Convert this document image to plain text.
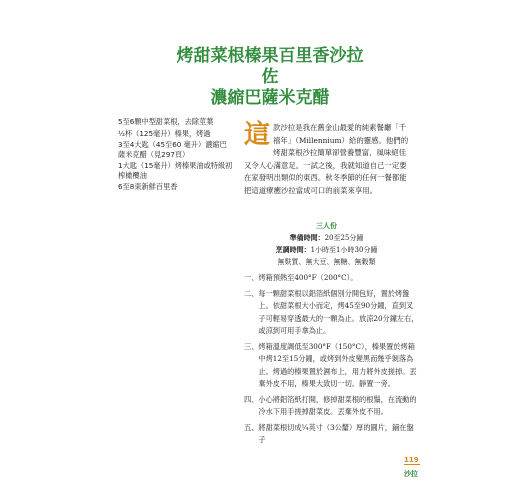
烤甜菜根榛果百里香沙拉
佐
濃縮巴薩米克醋
5至6顆中型甜菜根，去除莖葉
½杯（125毫升）榛果，烤過
3至4大匙（45至60 毫升）濃縮巴薩米克醋（見297頁）
1大匙（15毫升）烤榛果油或特級初榨橄欖油
6至8束新鮮百里香
這款沙拉是我在舊金山最愛的純素餐廳「千禧年」（Millennium）給的靈感。他們的烤甜菜根沙拉簡單卻營養豐富，風味絕佳又令人心滿意足。一試之後，我就知道自己一定要在家發明出類似的東西。秋冬季節的任何一餐都能把這道療癒沙拉當成可口的前菜來享用。
三人份
準備時間：20至25分鐘
烹調時間：1小時至1小時30分鐘
無麩質、無大豆、無糖、無穀類
一、 烤箱預熱至400°F（200°C）。
二、 每一顆甜菜根以鋁箔紙個別分開包好，置於烤盤上。依甜菜根大小而定，烤45至90分鐘，直到叉子可輕易穿透最大的一顆為止。放涼20分鐘左右，或涼到可用手拿為止。
三、 烤箱溫度調低至300°F（150°C），榛果置於烤箱中烤12至15分鐘，或烤到外皮變黑而幾乎剝落為止。烤過的榛果置於濕布上，用力將外皮搓掉。丟棄外皮不用，榛果大致切一切。靜置一旁。
四、 小心將鋁箔紙打開，修掉甜菜根的根鬚，在流動的冷水下用手搓掉甜菜皮。丟棄外皮不用。
五、 將甜菜根切成¼英寸（3公釐）厚的圓片，鋪在盤子
119
沙拉
